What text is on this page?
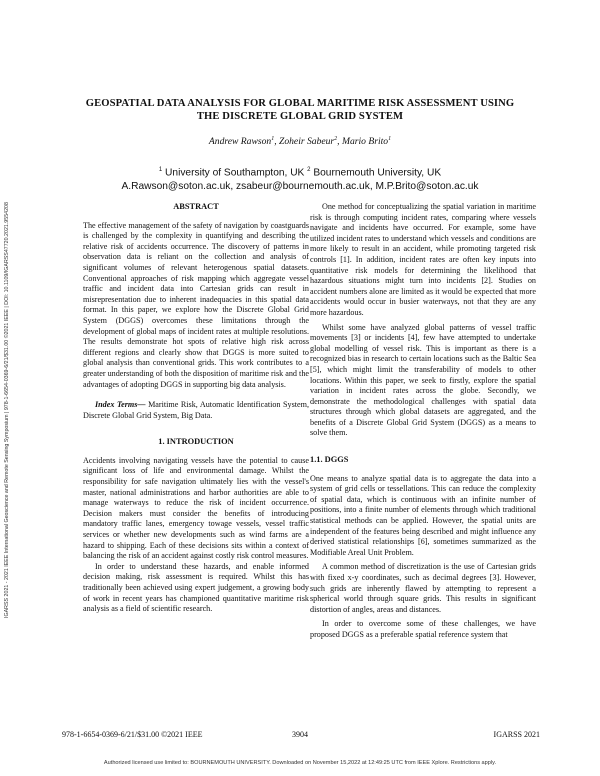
IGARSS 2021 - 2021 IEEE International Geoscience and Remote Sensing Symposium | 978-1-6654-0369-6/21/$31.00 ©2021 IEEE | DOI: 10.1109/IGARSS47720.2021.9554208
GEOSPATIAL DATA ANALYSIS FOR GLOBAL MARITIME RISK ASSESSMENT USING
THE DISCRETE GLOBAL GRID SYSTEM
Andrew Rawson$^1$, Zoheir Sabeur$^2$, Mario Brito$^1$
$^1$ University of Southampton, UK $^2$ Bournemouth University, UK
A.Rawson@soton.ac.uk, zsabeur@bournemouth.ac.uk, M.P.Brito@soton.ac.uk
ABSTRACT

The effective management of the safety of navigation by coastguards is challenged by the complexity in quantifying and describing the relative risk of accidents occurrence. The discovery of patterns in observation data is reliant on the collection and analysis of significant volumes of relevant heterogenous spatial datasets. Conventional approaches of risk mapping which aggregate vessel traffic and incident data into Cartesian grids can result in misrepresentation due to inherent inadequacies in this spatial data format. In this paper, we explore how the Discrete Global Grid System (DGGS) overcomes these limitations through the development of global maps of incident rates at multiple resolutions. The results demonstrate hot spots of relative high risk across different regions and clearly show that DGGS is more suited to global analysis than conventional grids. This work contributes to a greater understanding of both the disposition of maritime risk and the advantages of adopting DGGS in supporting big data analysis.

Index Terms— Maritime Risk, Automatic Identification System, Discrete Global Grid System, Big Data.

1. INTRODUCTION

Accidents involving navigating vessels have the potential to cause significant loss of life and environmental damage. Whilst the responsibility for safe navigation ultimately lies with the vessel's master, national administrations and harbor authorities are able to manage waterways to reduce the risk of incident occurrence. Decision makers must consider the benefits of introducing mandatory traffic lanes, emergency towage vessels, vessel traffic services or whether new developments such as wind farms are a hazard to shipping. Each of these decisions sits within a context of balancing the risk of an accident against costly risk control measures.

In order to understand these hazards, and enable informed decision making, risk assessment is required. Whilst this has traditionally been achieved using expert judgement, a growing body of work in recent years has championed quantitative maritime risk analysis as a field of scientific research.

One method for conceptualizing the spatial variation in maritime risk is through computing incident rates, comparing where vessels navigate and incidents have occurred. For example, some have utilized incident rates to understand which vessels and conditions are more likely to result in an accident, while promoting targeted risk controls [1]. In addition, incident rates are often key inputs into quantitative risk models for determining the likelihood that hazardous situations might turn into incidents [2]. Studies on accident numbers alone are limited as it would be expected that more accidents would occur in busier waterways, not that they are any more hazardous.

Whilst some have analyzed global patterns of vessel traffic movements [3] or incidents [4], few have attempted to undertake global modelling of vessel risk. This is important as there is a recognized bias in research to certain locations such as the Baltic Sea [5], which might limit the transferability of models to other locations. Within this paper, we seek to firstly, explore the spatial variation in incident rates across the globe. Secondly, we demonstrate the methodological challenges with spatial data structures through which global datasets are aggregated, and the benefits of a Discrete Global Grid System (DGGS) as a means to solve them.

1.1. DGGS

One means to analyze spatial data is to aggregate the data into a system of grid cells or tessellations. This can reduce the complexity of spatial data, which is continuous with an infinite number of positions, into a finite number of elements through which traditional statistical methods can be applied. However, the spatial units are independent of the features being described and might influence any derived statistical relationships [6], sometimes summarized as the Modifiable Areal Unit Problem.

A common method of discretization is the use of Cartesian grids with fixed x-y coordinates, such as decimal degrees [3]. However, such grids are inherently flawed by attempting to represent a spherical world through square grids. This results in significant distortion of angles, areas and distances.

In order to overcome some of these challenges, we have proposed DGGS as a preferable spatial reference system that

978-1-6654-0369-6/21/$31.00 ©2021 IEEE	3904	IGARSS 2021
Authorized licensed use limited to: BOURNEMOUTH UNIVERSITY. Downloaded on November 15,2022 at 12:49:25 UTC from IEEE Xplore. Restrictions apply.
